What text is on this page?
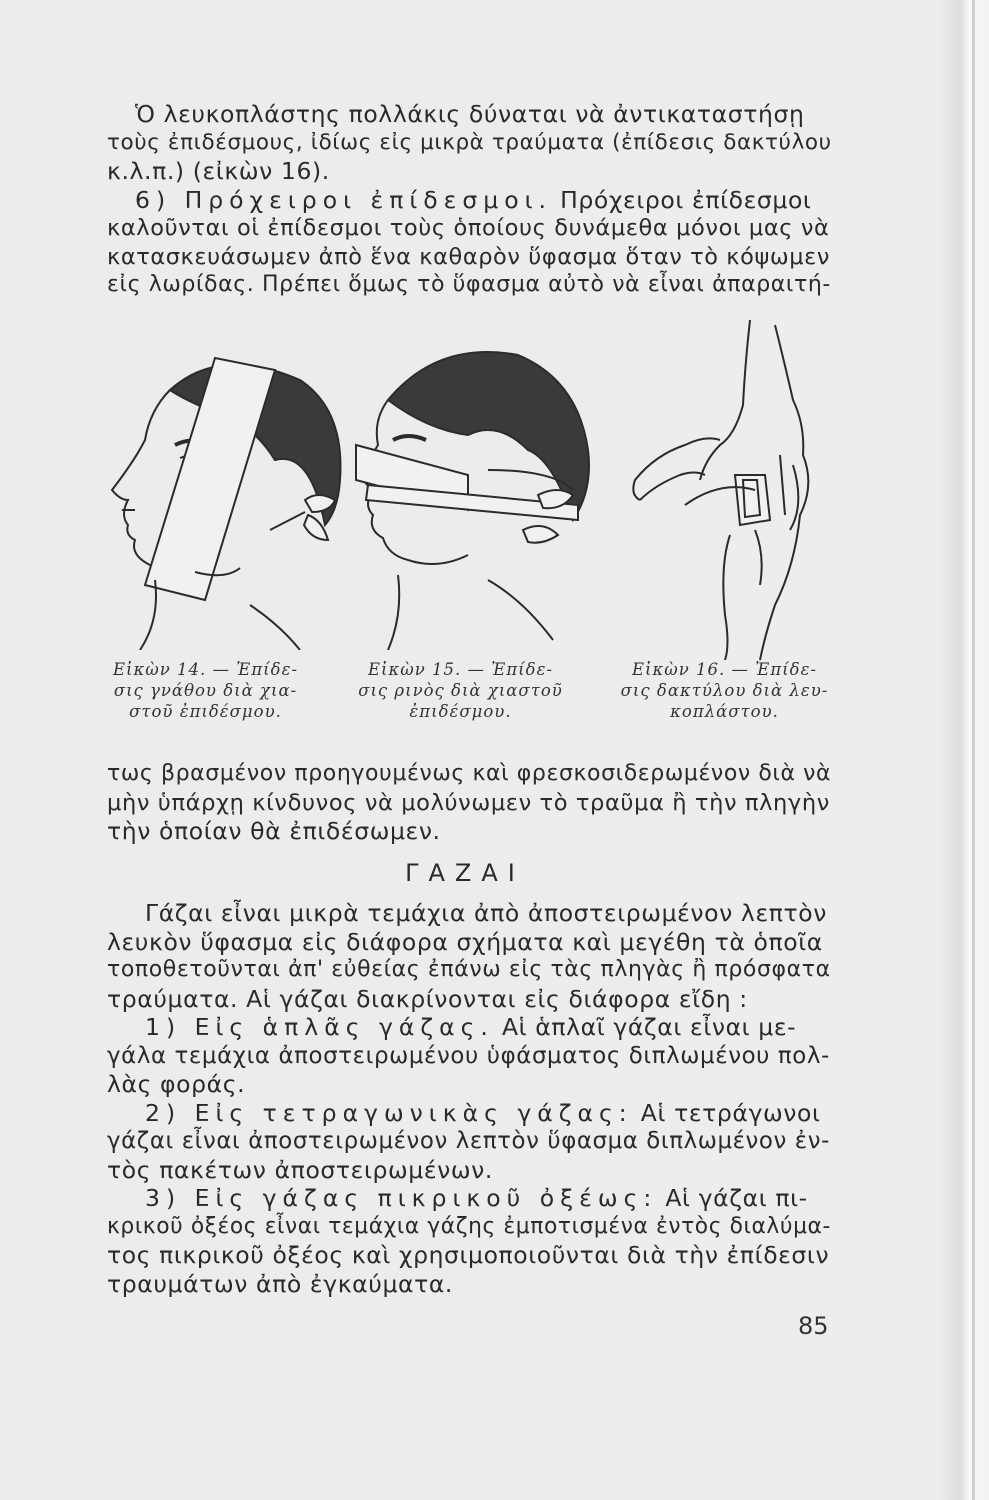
Ὁ λευκοπλάστης πολλάκις δύναται νὰ ἀντικαταστήσῃ
τοὺς ἐπιδέσμους, ἰδίως εἰς μικρὰ τραύματα (ἐπίδεσις δακτύλου
κ.λ.π.) (εἰκὼν 16).
6) Πρόχειροι ἐπίδεσμοι. Πρόχειροι ἐπίδεσμοι
καλοῦνται οἱ ἐπίδεσμοι τοὺς ὁποίους δυνάμεθα μόνοι μας νὰ
κατασκευάσωμεν ἀπὸ ἕνα καθαρὸν ὕφασμα ὅταν τὸ κόψωμεν
εἰς λωρίδας. Πρέπει ὅμως τὸ ὕφασμα αὐτὸ νὰ εἶναι ἀπαραιτή-
Εἰκὼν 14. — Ἐπίδε-
σις γνάθου διὰ χια-
στοῦ ἐπιδέσμου.
Εἰκὼν 15. — Ἐπίδε-
σις ρινὸς διὰ χιαστοῦ
ἐπιδέσμου.
Εἰκὼν 16. — Ἐπίδε-
σις δακτύλου διὰ λευ-
κοπλάστου.
τως βρασμένον προηγουμένως καὶ φρεσκοσιδερωμένον διὰ νὰ
μὴν ὑπάρχῃ κίνδυνος νὰ μολύνωμεν τὸ τραῦμα ἢ τὴν πληγὴν
τὴν ὁποίαν θὰ ἐπιδέσωμεν.
ΓΑΖΑΙ
Γάζαι εἶναι μικρὰ τεμάχια ἀπὸ ἀποστειρωμένον λεπτὸν
λευκὸν ὕφασμα εἰς διάφορα σχήματα καὶ μεγέθη τὰ ὁποῖα
τοποθετοῦνται ἀπ' εὐθείας ἐπάνω εἰς τὰς πληγὰς ἢ πρόσφατα
τραύματα. Αἱ γάζαι διακρίνονται εἰς διάφορα εἴδη :
1) Εἰς ἁπλᾶς γάζας. Αἱ ἁπλαῖ γάζαι εἶναι με-
γάλα τεμάχια ἀποστειρωμένου ὑφάσματος διπλωμένου πολ-
λὰς φοράς.
2) Εἰς τετραγωνικὰς γάζας: Αἱ τετράγωνοι
γάζαι εἶναι ἀποστειρωμένον λεπτὸν ὕφασμα διπλωμένον ἐν-
τὸς πακέτων ἀποστειρωμένων.
3) Εἰς γάζας πικρικοῦ ὀξέως: Αἱ γάζαι πι-
κρικοῦ ὀξέος εἶναι τεμάχια γάζης ἐμποτισμένα ἐντὸς διαλύμα-
τος πικρικοῦ ὀξέος καὶ χρησιμοποιοῦνται διὰ τὴν ἐπίδεσιν
τραυμάτων ἀπὸ ἐγκαύματα.
85
